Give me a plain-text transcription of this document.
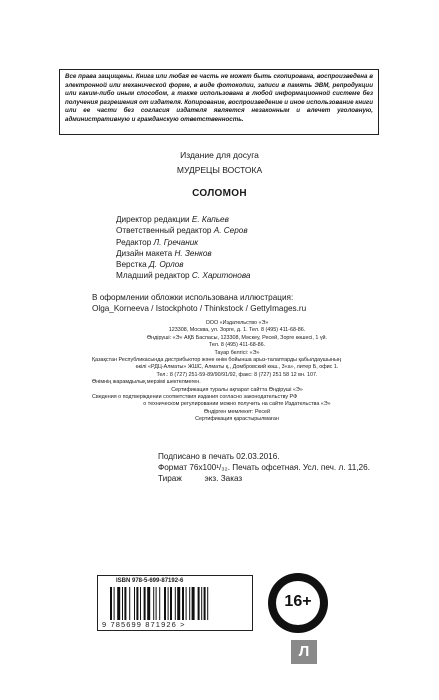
Все права защищены. Книга или любая ее часть не может быть скопирована, воспроизведена в электронной или механической форме, в виде фотокопии, записи в память ЭВМ, репродукции или каким-либо иным способом, а также использована в любой информационной системе без получения разрешения от издателя. Копирование, воспроизведение и иное использование книги или ее части без согласия издателя является незаконным и влечет уголовную, административную и гражданскую ответственность.
Издание для досуга
МУДРЕЦЫ ВОСТОКА
СОЛОМОН
Директор редакции Е. Капьев
Ответственный редактор А. Серов
Редактор Л. Гречаник
Дизайн макета Н. Зенков
Верстка Д. Орлов
Младший редактор С. Харитонова
В оформлении обложки использована иллюстрация:
Olga_Korneeva / Istockphoto / Thinkstock / GettyImages.ru
ООО «Издательство «Э»
123308, Москва, ул. Зорге, д. 1. Тел. 8 (495) 411-68-86.
Өндіруші: «Э» АҚБ Баспасы, 123308, Мәскеу, Ресей, Зорге көшесі, 1 үй.
Тел. 8 (495) 411-68-86.
Тауар белгісі: «Э»
Қазақстан Республикасында дистрибьютор және өнім бойынша арыз-талаптарды қабылдаушының
өкілі «РДЦ-Алматы» ЖШС, Алматы қ., Домбровский көш., 3«а», литер Б, офис 1.
Тел.: 8 (727) 251-59-89/90/91/92, факс: 8 (727) 251 58 12 вн. 107.
Өнімнің жарамдылық мерзімі шектелмеген.
Сертификация туралы ақпарат сайтта Өндіруші «Э»
Сведения о подтверждении соответствия издания согласно законодательству РФ
о техническом регулировании можно получить на сайте Издательства «Э»
Өндірген мемлекет: Ресей
Сертификация қарастырылмаған
Подписано в печать 02.03.2016.
Формат 76x100¹/₃₂. Печать офсетная. Усл. печ. л. 11,26.
Тираж          экз. Заказ
ISBN 978-5-699-87192-6
9 785699 871926 >
16+
Л
